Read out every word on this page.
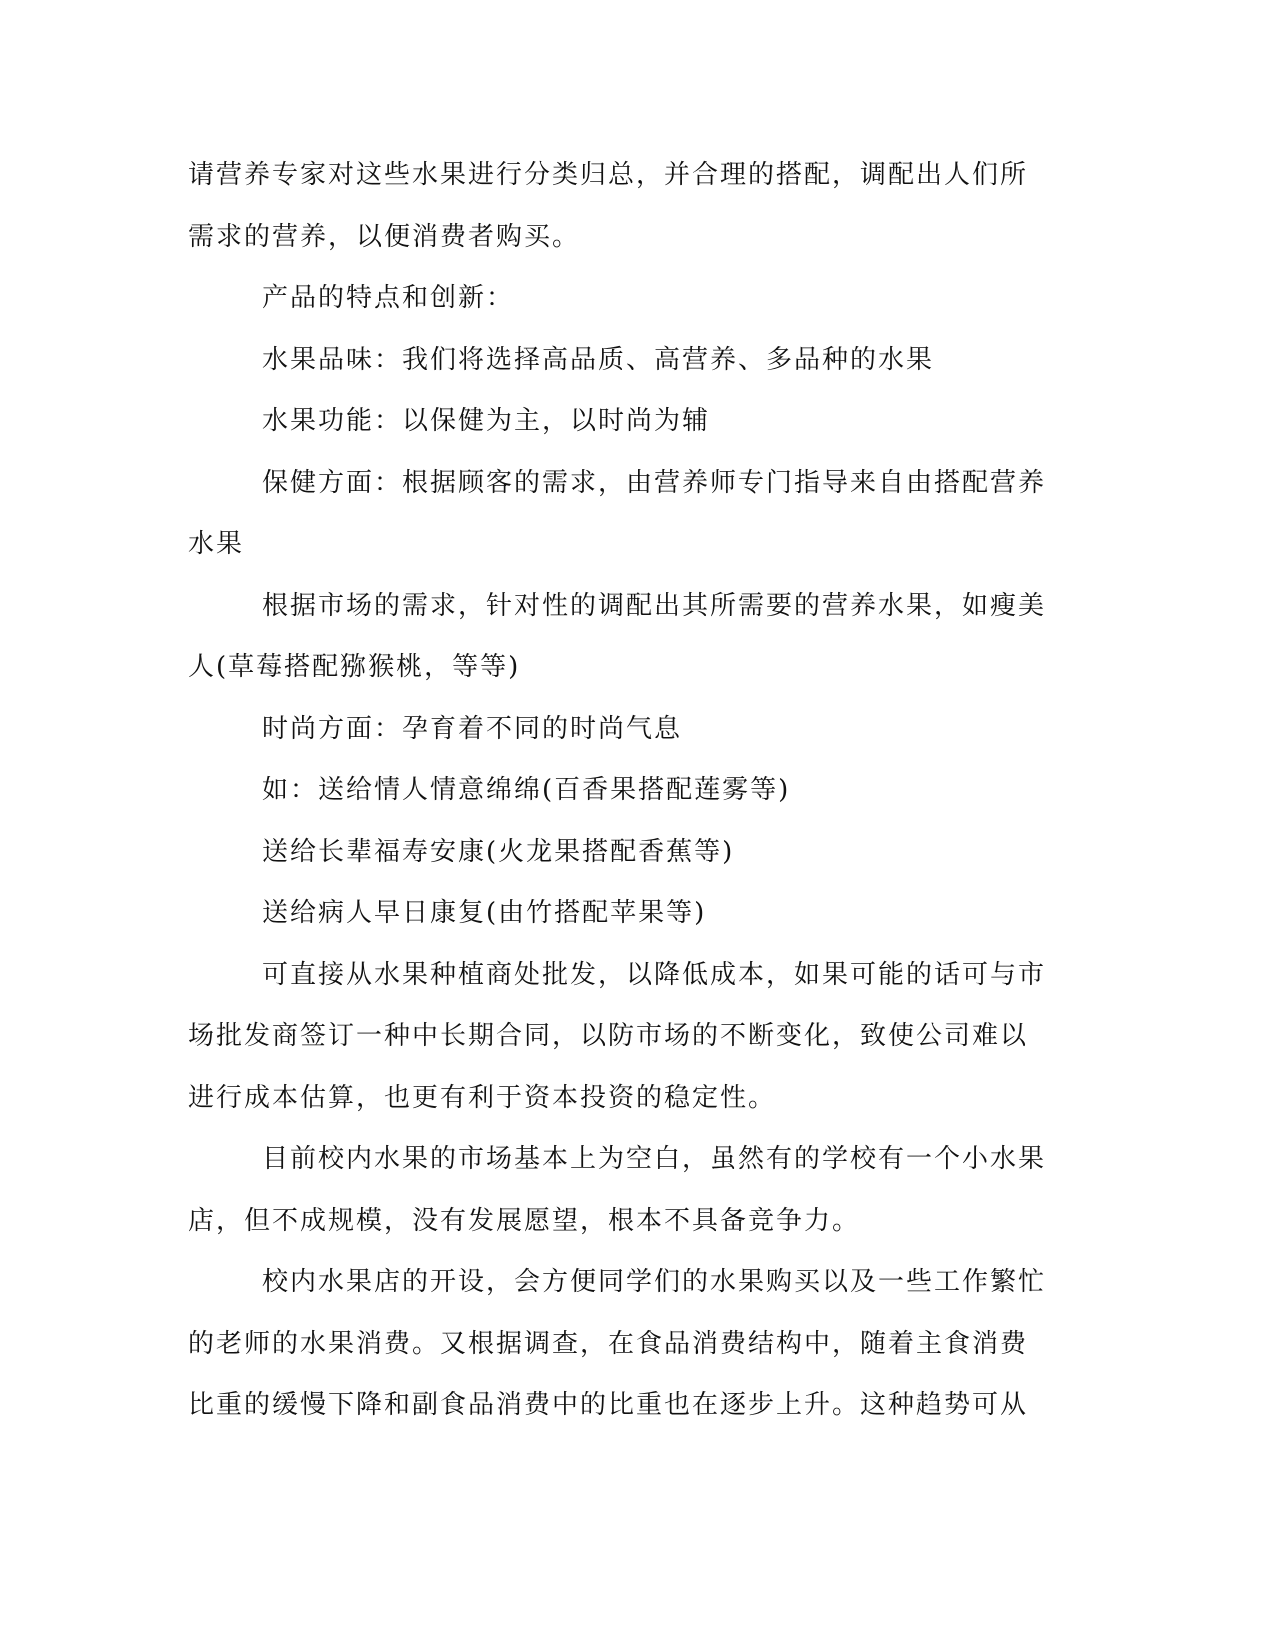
请营养专家对这些水果进行分类归总，并合理的搭配，调配出人们所
需求的营养，以便消费者购买。
产品的特点和创新：
水果品味：我们将选择高品质、高营养、多品种的水果
水果功能：以保健为主，以时尚为辅
保健方面：根据顾客的需求，由营养师专门指导来自由搭配营养
水果
根据市场的需求，针对性的调配出其所需要的营养水果，如瘦美
人(草莓搭配猕猴桃，等等)
时尚方面：孕育着不同的时尚气息
如：送给情人情意绵绵(百香果搭配莲雾等)
送给长辈福寿安康(火龙果搭配香蕉等)
送给病人早日康复(由竹搭配苹果等)
可直接从水果种植商处批发，以降低成本，如果可能的话可与市
场批发商签订一种中长期合同，以防市场的不断变化，致使公司难以
进行成本估算，也更有利于资本投资的稳定性。
目前校内水果的市场基本上为空白，虽然有的学校有一个小水果
店，但不成规模，没有发展愿望，根本不具备竞争力。
校内水果店的开设，会方便同学们的水果购买以及一些工作繁忙
的老师的水果消费。又根据调查，在食品消费结构中，随着主食消费
比重的缓慢下降和副食品消费中的比重也在逐步上升。这种趋势可从
